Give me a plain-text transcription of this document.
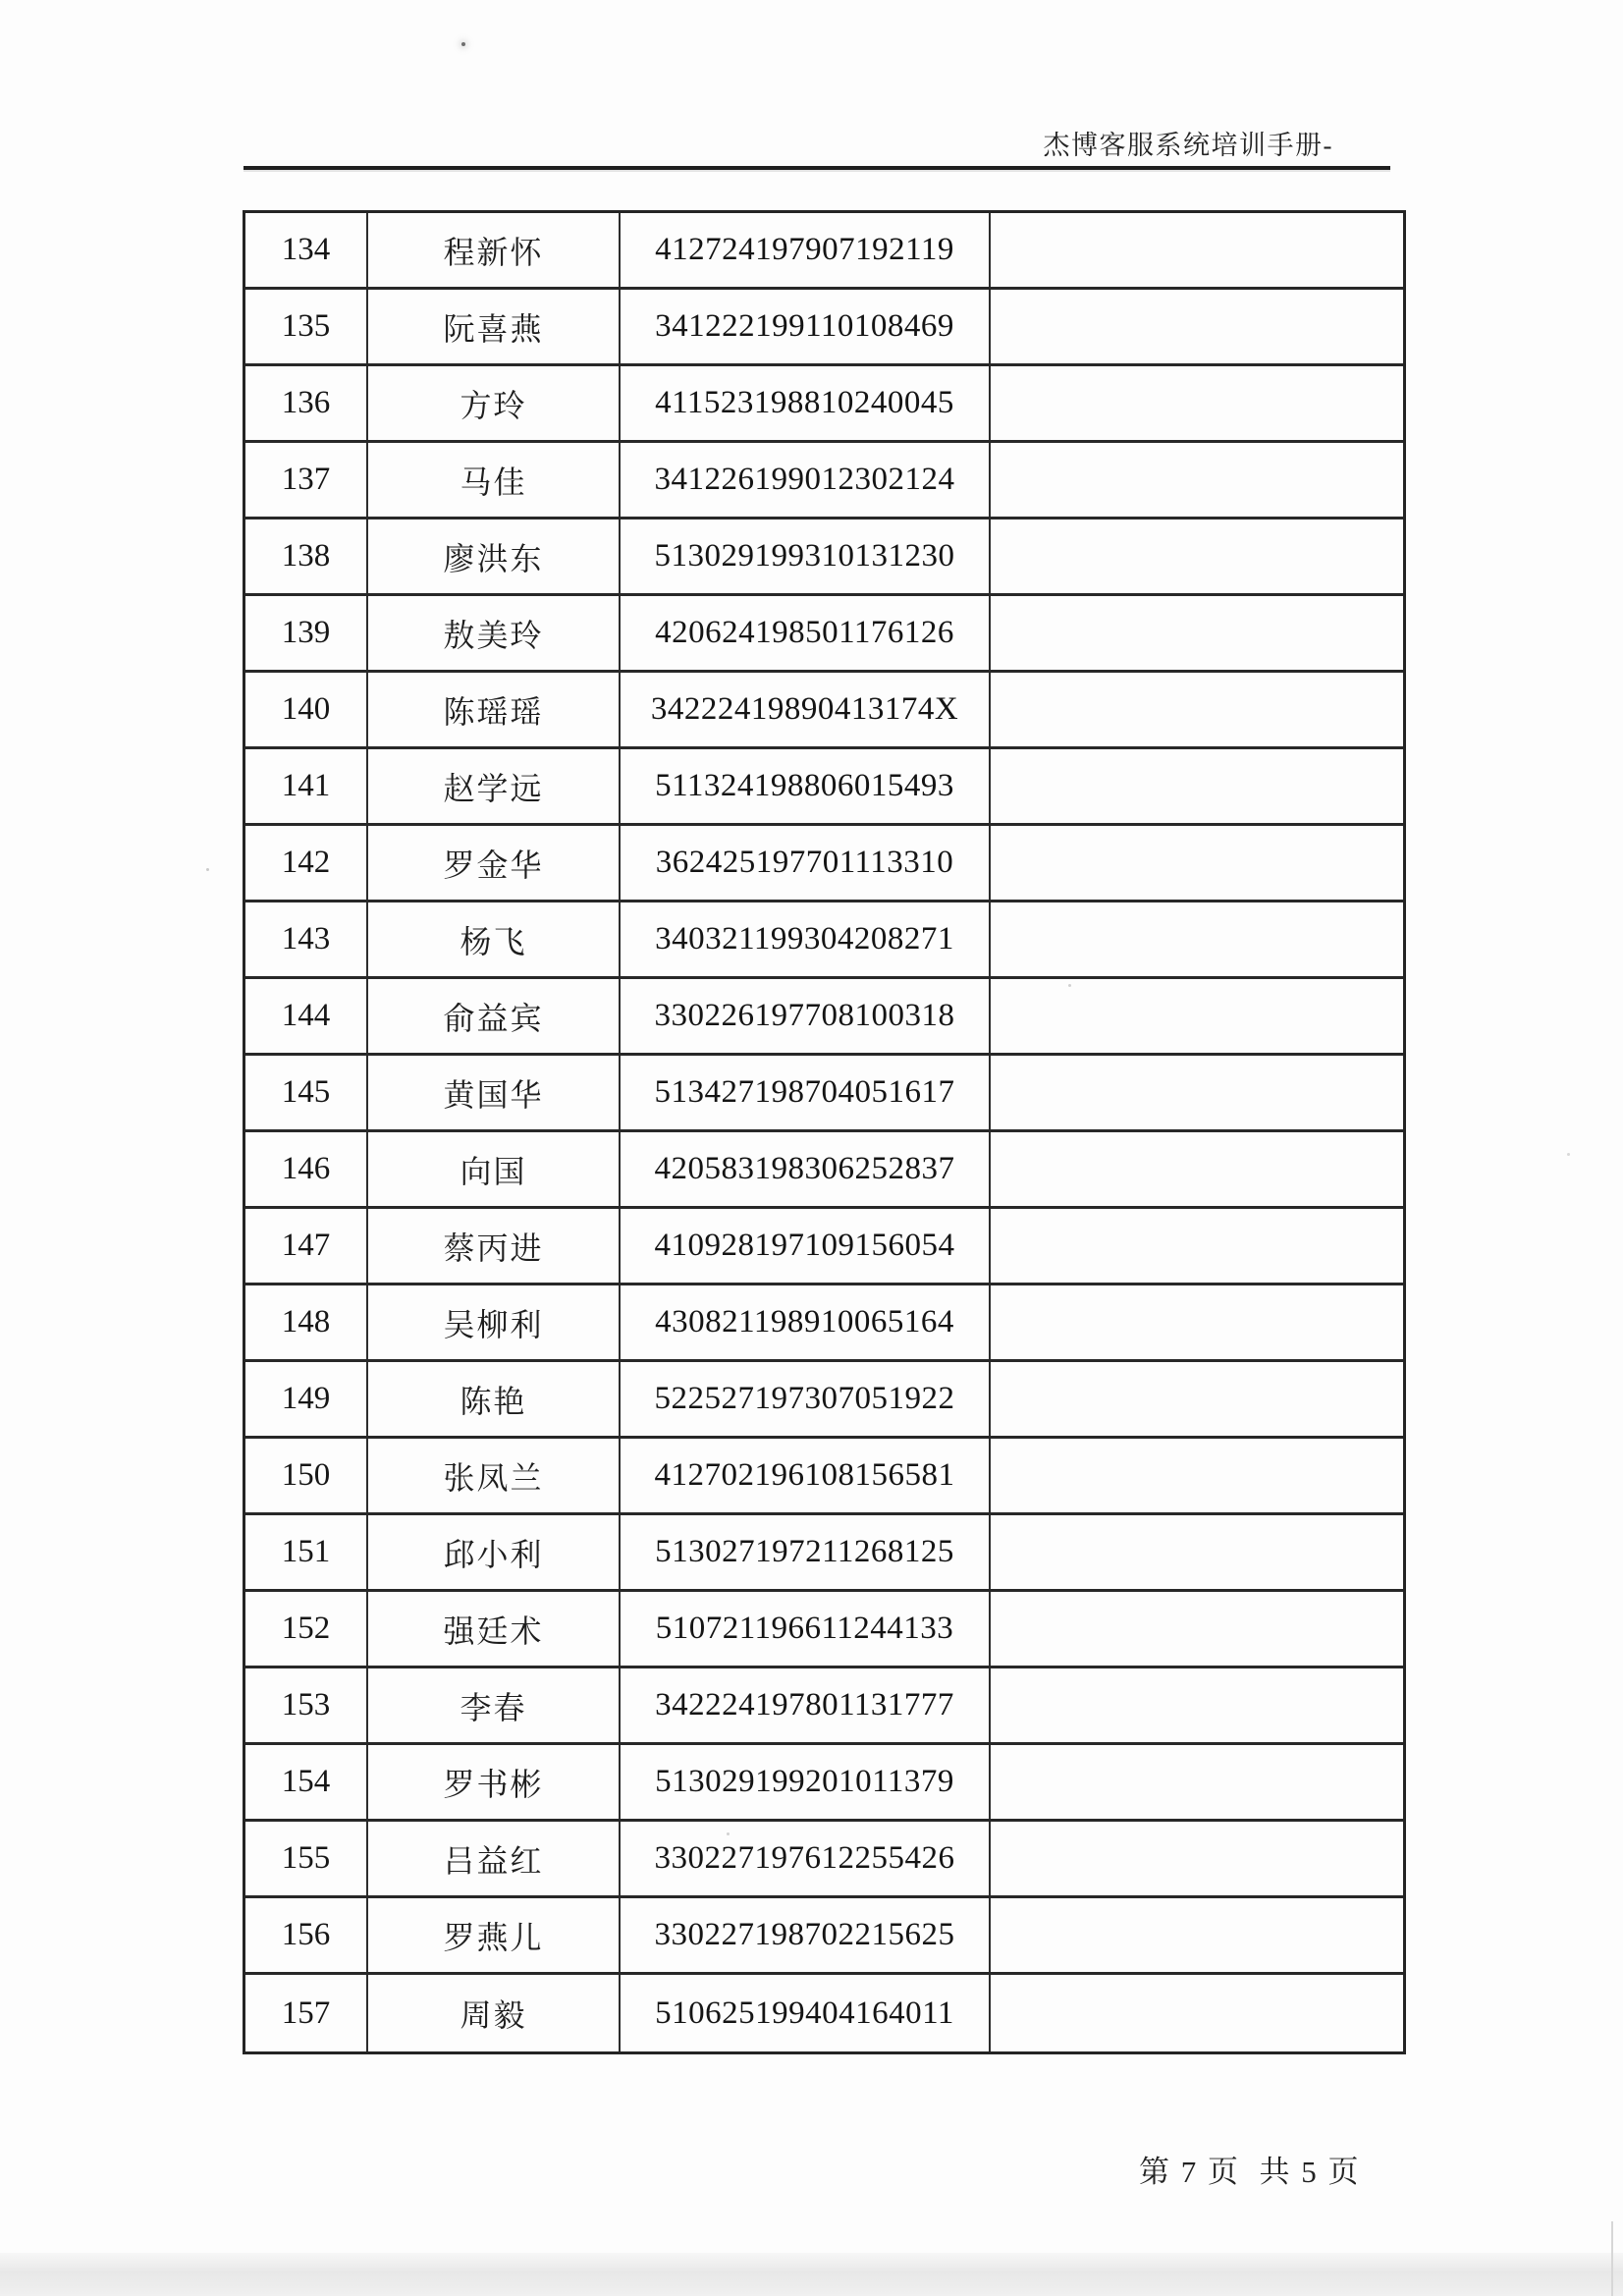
杰博客服系统培训手册-
134	程新怀	412724197907192119
135	阮喜燕	341222199110108469
136	方玲	411523198810240045
137	马佳	341226199012302124
138	廖洪东	513029199310131230
139	敖美玲	420624198501176126
140	陈瑶瑶	34222419890413174X
141	赵学远	511324198806015493
142	罗金华	362425197701113310
143	杨飞	340321199304208271
144	俞益宾	330226197708100318
145	黄国华	513427198704051617
146	向国	420583198306252837
147	蔡丙进	410928197109156054
148	吴柳利	430821198910065164
149	陈艳	522527197307051922
150	张凤兰	412702196108156581
151	邱小利	513027197211268125
152	强廷术	510721196611244133
153	李春	342224197801131777
154	罗书彬	513029199201011379
155	吕益红	330227197612255426
156	罗燕儿	330227198702215625
157	周毅	510625199404164011
第 7 页  共 5 页
